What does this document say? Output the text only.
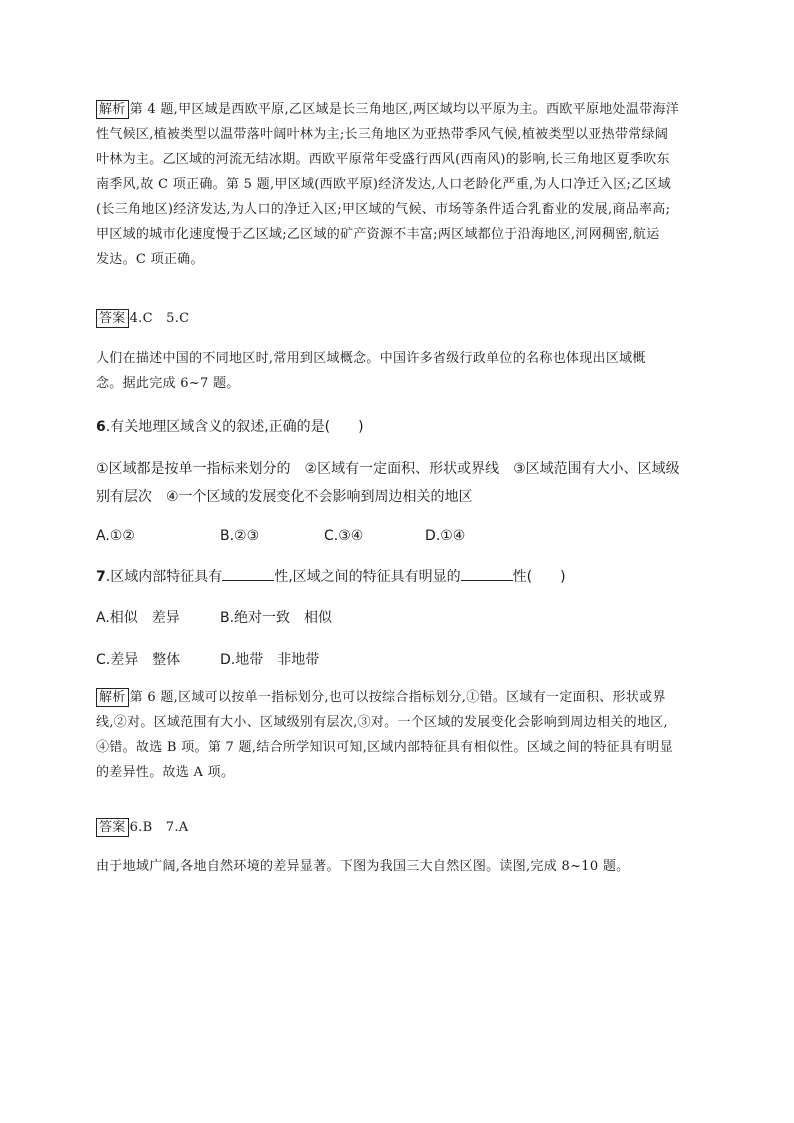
解析 第 4 题,甲区域是西欧平原,乙区域是长三角地区,两区域均以平原为主。西欧平原地处温带海洋
性气候区,植被类型以温带落叶阔叶林为主;长三角地区为亚热带季风气候,植被类型以亚热带常绿阔
叶林为主。乙区域的河流无结冰期。西欧平原常年受盛行西风(西南风)的影响,长三角地区夏季吹东
南季风,故 C 项正确。第 5 题,甲区域(西欧平原)经济发达,人口老龄化严重,为人口净迁入区;乙区域
(长三角地区)经济发达,为人口的净迁入区;甲区域的气候、市场等条件适合乳畜业的发展,商品率高;
甲区域的城市化速度慢于乙区域;乙区域的矿产资源不丰富;两区域都位于沿海地区,河网稠密,航运
发达。C 项正确。
答案 4.C　5.C
人们在描述中国的不同地区时,常用到区域概念。中国许多省级行政单位的名称也体现出区域概
念。据此完成 6~7 题。
6.有关地理区域含义的叙述,正确的是(　　)
①区域都是按单一指标来划分的　②区域有一定面积、形状或界线　③区域范围有大小、区域级
别有层次　④一个区域的发展变化不会影响到周边相关的地区
A.①②	B.②③	C.③④	D.①④
7.区域内部特征具有	性,区域之间的特征具有明显的	性(　　)
A.相似　差异	B.绝对一致　相似
C.差异　整体	D.地带　非地带
解析 第 6 题,区域可以按单一指标划分,也可以按综合指标划分,①错。区域有一定面积、形状或界
线,②对。区域范围有大小、区域级别有层次,③对。一个区域的发展变化会影响到周边相关的地区,
④错。故选 B 项。第 7 题,结合所学知识可知,区域内部特征具有相似性。区域之间的特征具有明显
的差异性。故选 A 项。
答案 6.B　7.A
由于地域广阔,各地自然环境的差异显著。下图为我国三大自然区图。读图,完成 8~10 题。
